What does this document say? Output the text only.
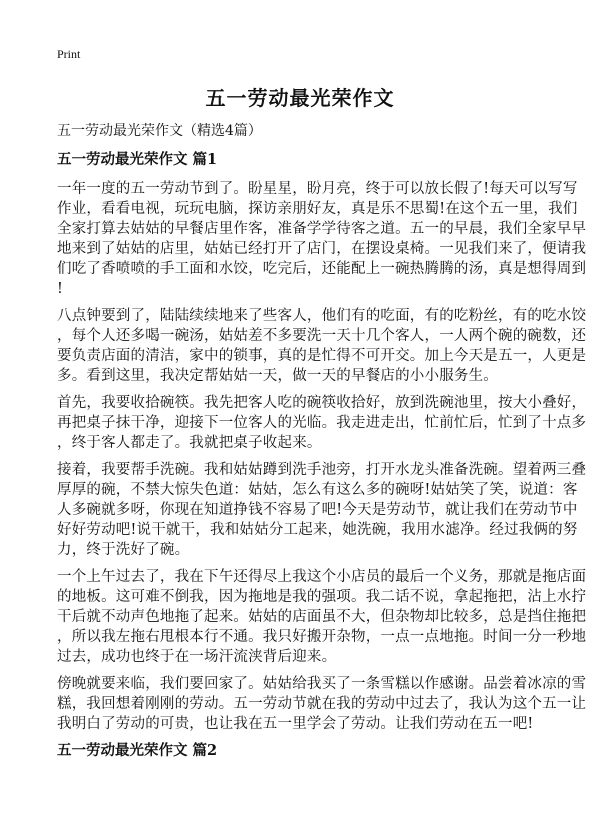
Print
五一劳动最光荣作文
五一劳动最光荣作文（精选4篇）
五一劳动最光荣作文 篇1
一年一度的五一劳动节到了。盼星星，盼月亮，终于可以放长假了!每天可以写写
作业，看看电视，玩玩电脑，探访亲朋好友，真是乐不思蜀!在这个五一里，我们
全家打算去姑姑的早餐店里作客，准备学学待客之道。五一的早晨，我们全家早早
地来到了姑姑的店里，姑姑已经打开了店门，在摆设桌椅。一见我们来了，便请我
们吃了香喷喷的手工面和水饺，吃完后，还能配上一碗热腾腾的汤，真是想得周到
!
八点钟要到了，陆陆续续地来了些客人，他们有的吃面，有的吃粉丝，有的吃水饺
，每个人还多喝一碗汤，姑姑差不多要洗一天十几个客人，一人两个碗的碗数，还
要负责店面的清洁，家中的锁事，真的是忙得不可开交。加上今天是五一，人更是
多。看到这里，我决定帮姑姑一天，做一天的早餐店的小小服务生。
首先，我要收拾碗筷。我先把客人吃的碗筷收拾好，放到洗碗池里，按大小叠好，
再把桌子抹干净，迎接下一位客人的光临。我走进走出，忙前忙后，忙到了十点多
，终于客人都走了。我就把桌子收起来。
接着，我要帮手洗碗。我和姑姑蹲到洗手池旁，打开水龙头准备洗碗。望着两三叠
厚厚的碗，不禁大惊失色道：姑姑，怎么有这么多的碗呀!姑姑笑了笑，说道：客
人多碗就多呀，你现在知道挣钱不容易了吧!今天是劳动节，就让我们在劳动节中
好好劳动吧!说干就干，我和姑姑分工起来，她洗碗，我用水滤净。经过我俩的努
力，终于洗好了碗。
一个上午过去了，我在下午还得尽上我这个小店员的最后一个义务，那就是拖店面
的地板。这可难不倒我，因为拖地是我的强项。我二话不说，拿起拖把，沾上水拧
干后就不动声色地拖了起来。姑姑的店面虽不大，但杂物却比较多，总是挡住拖把
，所以我左拖右甩根本行不通。我只好搬开杂物，一点一点地拖。时间一分一秒地
过去，成功也终于在一场汗流浃背后迎来。
傍晚就要来临，我们要回家了。姑姑给我买了一条雪糕以作感谢。品尝着冰凉的雪
糕，我回想着刚刚的劳动。五一劳动节就在我的劳动中过去了，我认为这个五一让
我明白了劳动的可贵，也让我在五一里学会了劳动。让我们劳动在五一吧!
五一劳动最光荣作文 篇2
